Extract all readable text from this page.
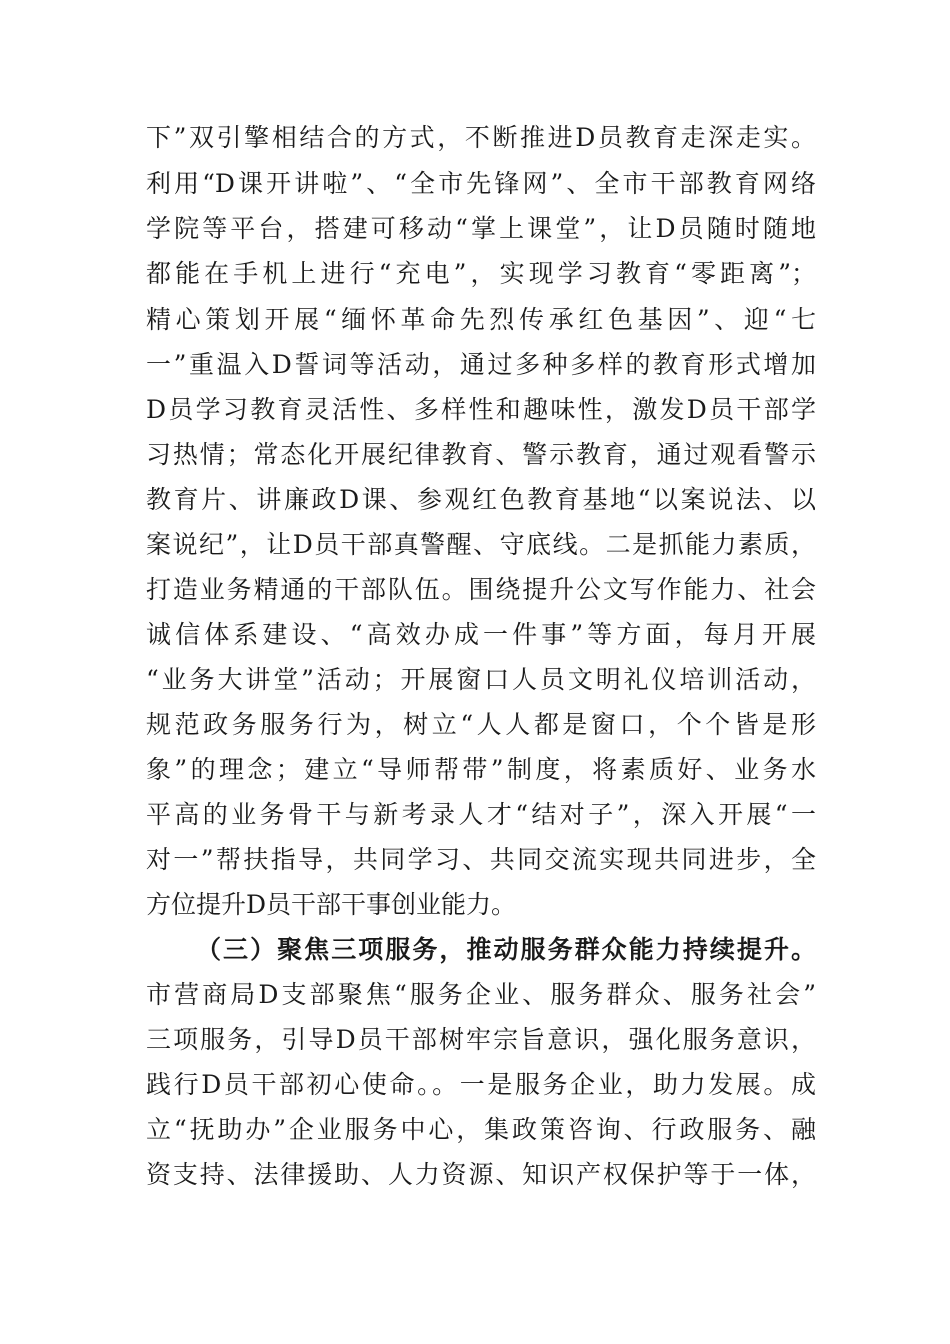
下”双引擎相结合的方式，不断推进D员教育走深走实。
利用“D课开讲啦”、“全市先锋网”、全市干部教育网络
学院等平台，搭建可移动“掌上课堂”，让D员随时随地
都能在手机上进行“充电”，实现学习教育“零距离”；
精心策划开展“缅怀革命先烈传承红色基因”、迎“七
一”重温入D誓词等活动，通过多种多样的教育形式增加
D员学习教育灵活性、多样性和趣味性，激发D员干部学
习热情；常态化开展纪律教育、警示教育，通过观看警示
教育片、讲廉政D课、参观红色教育基地“以案说法、以
案说纪”，让D员干部真警醒、守底线。二是抓能力素质，
打造业务精通的干部队伍。围绕提升公文写作能力、社会
诚信体系建设、“高效办成一件事”等方面，每月开展
“业务大讲堂”活动；开展窗口人员文明礼仪培训活动，
规范政务服务行为，树立“人人都是窗口，个个皆是形
象”的理念；建立“导师帮带”制度，将素质好、业务水
平高的业务骨干与新考录人才“结对子”，深入开展“一
对一”帮扶指导，共同学习、共同交流实现共同进步，全
方位提升D员干部干事创业能力。
（三）聚焦三项服务，推动服务群众能力持续提升。
市营商局D支部聚焦“服务企业、服务群众、服务社会”
三项服务，引导D员干部树牢宗旨意识，强化服务意识，
践行D员干部初心使命。。一是服务企业，助力发展。成
立“抚助办”企业服务中心，集政策咨询、行政服务、融
资支持、法律援助、人力资源、知识产权保护等于一体，
